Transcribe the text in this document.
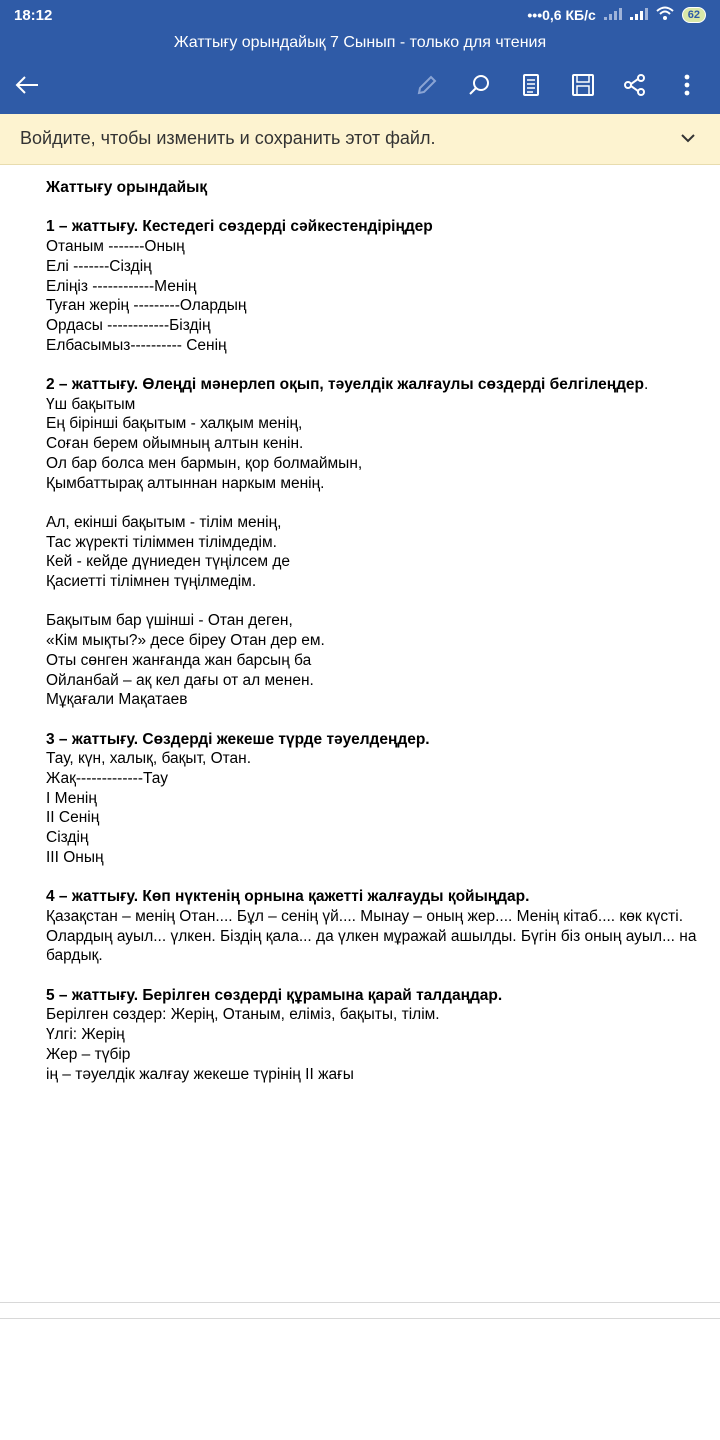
18:12	•••0,6 КБ/с	62
Жаттығу орындайық 7 Сынып - только для чтения
Войдите, чтобы изменить и сохранить этот файл.
Жаттығу орындайық
1 – жаттығу. Кестедегі сөздерді сәйкестендіріңдер
Отаным -------Оның
Елі -------Сіздің
Еліңіз ------------Менің
Туған жерің ---------Олардың
Ордасы ------------Біздің
Елбасымыз---------- Сенің
2 – жаттығу. Өлеңді мәнерлеп оқып, тәуелдік жалғаулы сөздерді белгілеңдер.
Үш бақытым
Ең бірінші бақытым - халқым менің,
Соған берем ойымның алтын кенін.
Ол бар болса мен бармын, қор болмаймын,
Қымбаттырақ алтыннан наркым менің.
Ал, екінші бақытым - тілім менің,
Тас жүректі тіліммен тілімдедім.
Кей - кейде дүниеден түңілсем де
Қасиетті тілімнен түңілмедім.
Бақытым бар үшінші - Отан деген,
«Кім мықты?» десе біреу Отан дер ем.
Оты сөнген жанғанда жан барсың ба
Ойланбай – ақ кел дағы от ал менен.
Мұқағали Мақатаев
3 – жаттығу. Сөздерді жекеше түрде тәуелдеңдер.
Тау, күн, халық, бақыт, Отан.
Жақ-------------Тау
I Менің
II Сенің
Сіздің
III Оның
4 – жаттығу. Көп нүктенің орнына қажетті жалғауды қойыңдар.
Қазақстан – менің Отан.... Бұл – сенің үй.... Мынау – оның жер.... Менің кітаб.... көк күсті. Олардың ауыл... үлкен. Біздің қала... да үлкен мұражай ашылды. Бүгін біз оның ауыл... на бардық.
5 – жаттығу. Берілген сөздерді құрамына қарай талдаңдар.
Берілген сөздер: Жерің, Отаным, еліміз, бақыты, тілім.
Үлгі: Жерің
Жер – түбір
ің – тәуелдік жалғау жекеше түрінің II жағы
